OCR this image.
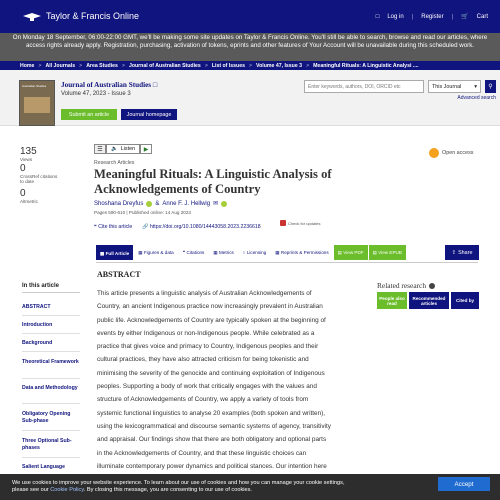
Taylor & Francis Online	□ Log in | Register | 🛒 Cart
On Monday 18 September, 06:00-22:00 GMT, we'll be making some site updates on Taylor & Francis Online. You'll still be able to search, browse and read our articles, where access rights already apply. Registration, purchasing, activation of tokens, eprints and other features of Your Account will be unavailable during this scheduled work.
Home > All Journals > Area Studies > Journal of Australian Studies > List of Issues > Volume 47, Issue 3 > Meaningful Rituals: A Linguistic Analysi ....
Australian Studies Journal of Australian Studies □
Volume 47, 2023 - Issue 3
Submit an article	Journal homepage
Enter keywords, authors, DOI, ORCID etc
This Journal ▾ ⚲
Advanced search
135
Views
0
CrossRef citations to date
0
Altmetric
☰	🔈 Listen	▶
Open access
Research Articles
Meaningful Rituals: A Linguistic Analysis of Acknowledgements of Country
Shoshana Dreyfus & Anne F. J. Hellwig ✉
Pages 590-610 | Published online: 14 Aug 2023
❝ Cite this article 🔗 https://doi.org/10.1080/14443058.2023.2236618
Check for updates
▦
Full Article ▦
Figures & data ❝
Citations ▦
Metrics ○
Licensing ▦
Reprints & Permissions ▤
View PDF ▤
View EPUB	⇪ Share
In this article
ABSTRACT
Introduction
Background
Theoretical Framework
Data and Methodology
Obligatory Opening Sub-phase
Three Optional Sub-phases
Salient Language
ABSTRACT
This article presents a linguistic analysis of Australian Acknowledgements of
Country, an ancient Indigenous practice now increasingly prevalent in Australian
public life. Acknowledgements of Country are typically spoken at the beginning of
events by either Indigenous or non-Indigenous people. While celebrated as a
practice that gives voice and primacy to Country, Indigenous peoples and their
cultural practices, they have also attracted criticism for being tokenistic and
minimising the severity of the genocide and continuing exploitation of Indigenous
peoples. Supporting a body of work that critically engages with the values and
structure of Acknowledgements of Country, we apply a variety of tools from
systemic functional linguistics to analyse 20 examples (both spoken and written),
using the lexicogrammatical and discourse semantic systems of agency, transitivity
and appraisal. Our findings show that there are both obligatory and optional parts
in the Acknowledgements of Country, and that these linguistic choices can
illuminate contemporary power dynamics and political stances. Our intention here
Related research
People also read
Recommended articles	Cited by
We use cookies to improve your website experience. To learn about our use of cookies and how you can manage your cookie settings,
please see our Cookie Policy. By closing this message, you are consenting to our use of cookies.
Accept
